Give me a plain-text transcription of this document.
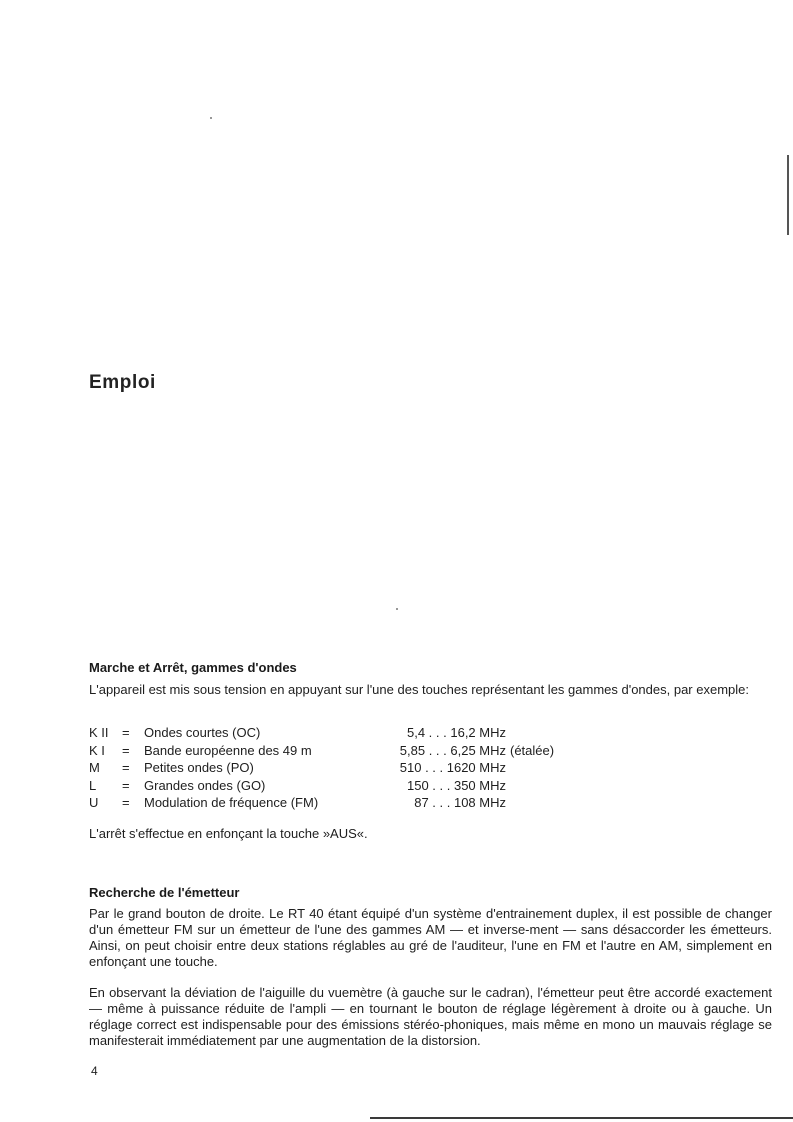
Emploi
Marche et Arrêt, gammes d'ondes

L'appareil est mis sous tension en appuyant sur l'une des touches représentant les gammes d'ondes, par exemple:

K II = Ondes courtes (OC)	5,4 . . . 16,2 MHz
K I = Bande européenne des 49 m	5,85 . . . 6,25 MHz (étalée)
M = Petites ondes (PO)	510 . . . 1620 MHz
L = Grandes ondes (GO)	150 . . . 350 MHz
U = Modulation de fréquence (FM)	87 . . . 108 MHz

L'arrêt s'effectue en enfonçant la touche »AUS«.

Recherche de l'émetteur

Par le grand bouton de droite. Le RT 40 étant équipé d'un système d'entrainement duplex, il est possible de changer d'un émetteur FM sur un émetteur de l'une des gammes AM — et inverse-ment — sans désaccorder les émetteurs. Ainsi, on peut choisir entre deux stations réglables au gré de l'auditeur, l'une en FM et l'autre en AM, simplement en enfonçant une touche.

En observant la déviation de l'aiguille du vuemètre (à gauche sur le cadran), l'émetteur peut être accordé exactement — même à puissance réduite de l'ampli — en tournant le bouton de réglage légèrement à droite ou à gauche. Un réglage correct est indispensable pour des émissions stéréo-phoniques, mais même en mono un mauvais réglage se manifesterait immédiatement par une augmentation de la distorsion.

4
